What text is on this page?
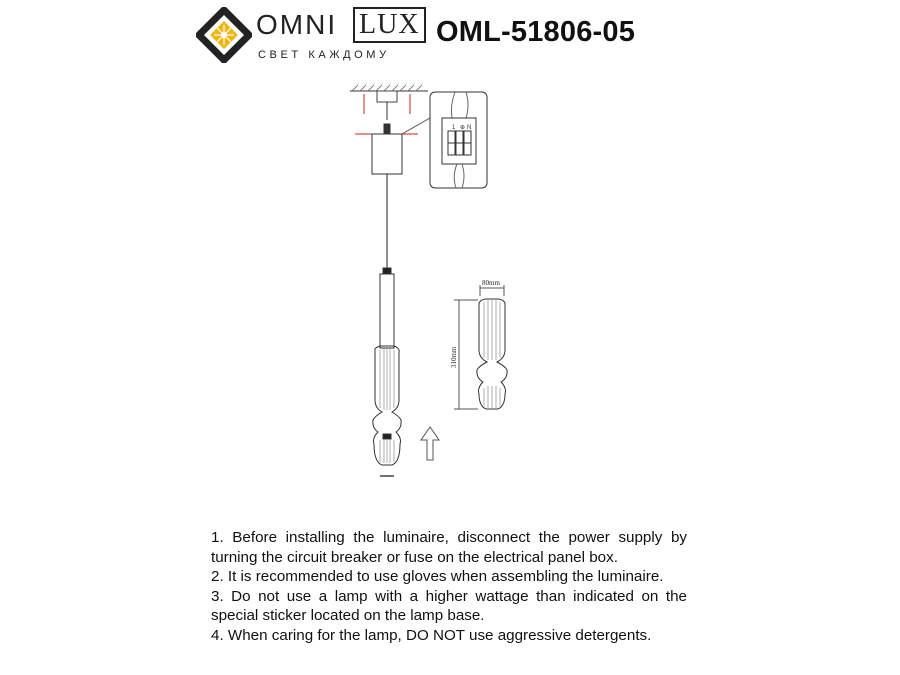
OMNI LUX
СВЕТ КАЖДОМУ
OML-51806-05
1 ⊕ N
80mm
310mm

1. Before installing the luminaire, disconnect the power supply by turning the circuit breaker or fuse on the electrical panel box.

2. It is recommended to use gloves when assembling the luminaire.

3. Do not use a lamp with a higher wattage than indicated on the special sticker located on the lamp base.

4. When caring for the lamp, DO NOT use aggressive detergents.
